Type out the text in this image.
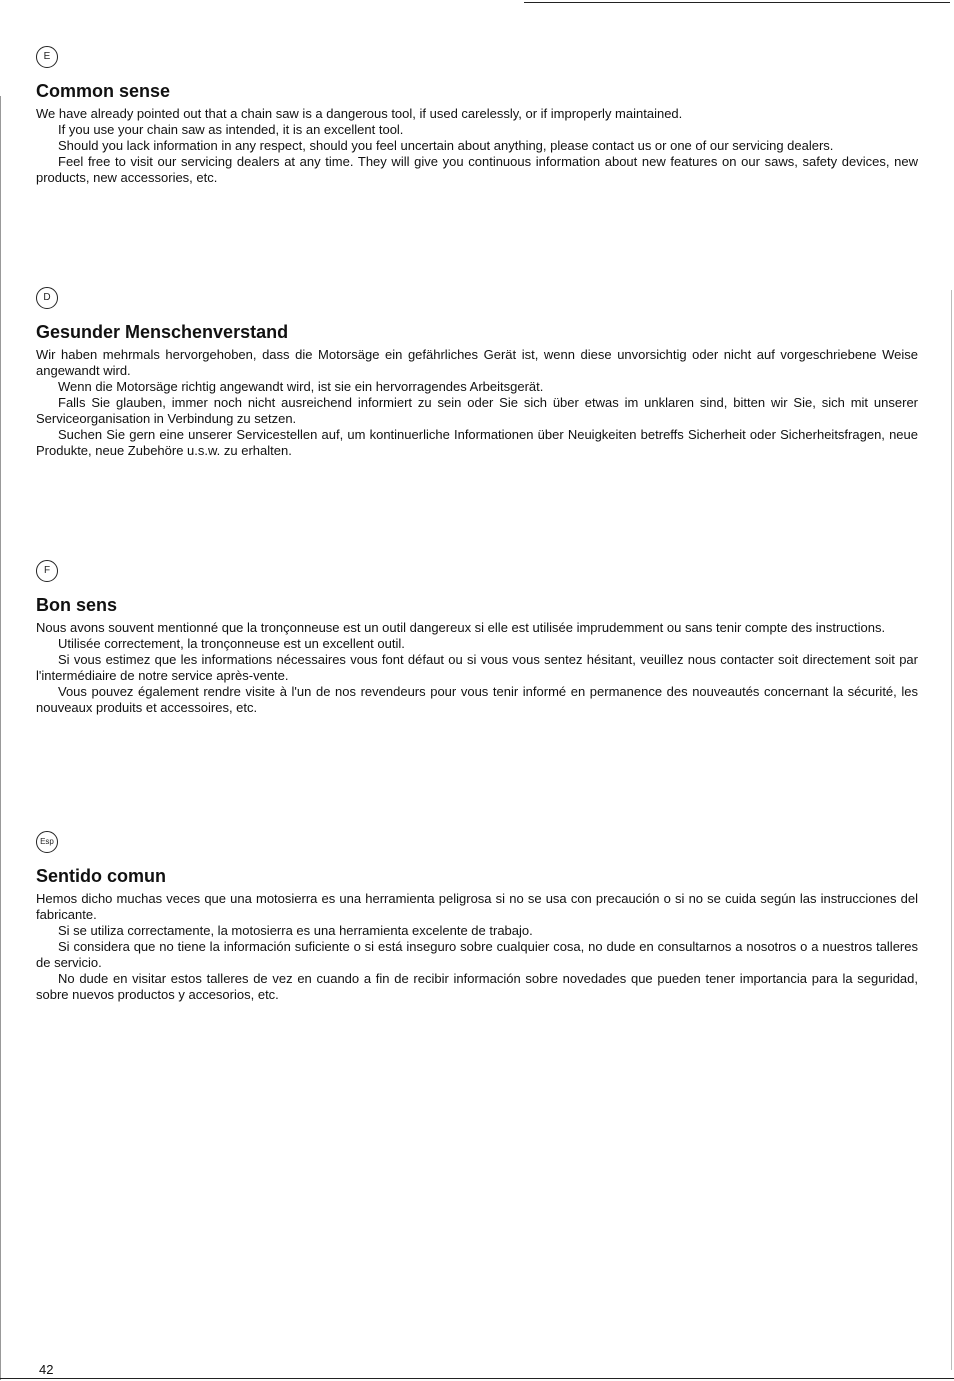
E
Common sense

We have already pointed out that a chain saw is a dangerous tool, if used carelessly, or if improperly maintained.

If you use your chain saw as intended, it is an excellent tool.

Should you lack information in any respect, should you feel uncertain about anything, please contact us or one of our servicing dealers.

Feel free to visit our servicing dealers at any time. They will give you continuous information about new features on our saws, safety devices, new products, new accessories, etc.

D
Gesunder Menschenverstand

Wir haben mehrmals hervorgehoben, dass die Motorsäge ein gefährliches Gerät ist, wenn diese unvorsichtig oder nicht auf vorgeschriebene Weise angewandt wird.

Wenn die Motorsäge richtig angewandt wird, ist sie ein hervorragendes Arbeitsgerät.

Falls Sie glauben, immer noch nicht ausreichend informiert zu sein oder Sie sich über etwas im unklaren sind, bitten wir Sie, sich mit unserer Serviceorganisation in Verbindung zu setzen.

Suchen Sie gern eine unserer Servicestellen auf, um kontinuerliche Informationen über Neuigkeiten betreffs Sicherheit oder Sicherheitsfragen, neue Produkte, neue Zubehöre u.s.w. zu erhalten.

F
Bon sens

Nous avons souvent mentionné que la tronçonneuse est un outil dangereux si elle est utilisée imprudemment ou sans tenir compte des instructions.

Utilisée correctement, la tronçonneuse est un excellent outil.

Si vous estimez que les informations nécessaires vous font défaut ou si vous vous sentez hésitant, veuillez nous contacter soit directement soit par l'intermédiaire de notre service après-vente.

Vous pouvez également rendre visite à l'un de nos revendeurs pour vous tenir informé en permanence des nouveautés concernant la sécurité, les nouveaux produits et accessoires, etc.

Esp
Sentido comun

Hemos dicho muchas veces que una motosierra es una herramienta peligrosa si no se usa con precaución o si no se cuida según las instrucciones del fabricante.

Si se utiliza correctamente, la motosierra es una herramienta excelente de trabajo.

Si considera que no tiene la información suficiente o si está inseguro sobre cualquier cosa, no dude en consultarnos a nosotros o a nuestros talleres de servicio.

No dude en visitar estos talleres de vez en cuando a fin de recibir información sobre novedades que pueden tener importancia para la seguridad, sobre nuevos productos y accesorios, etc.

42
